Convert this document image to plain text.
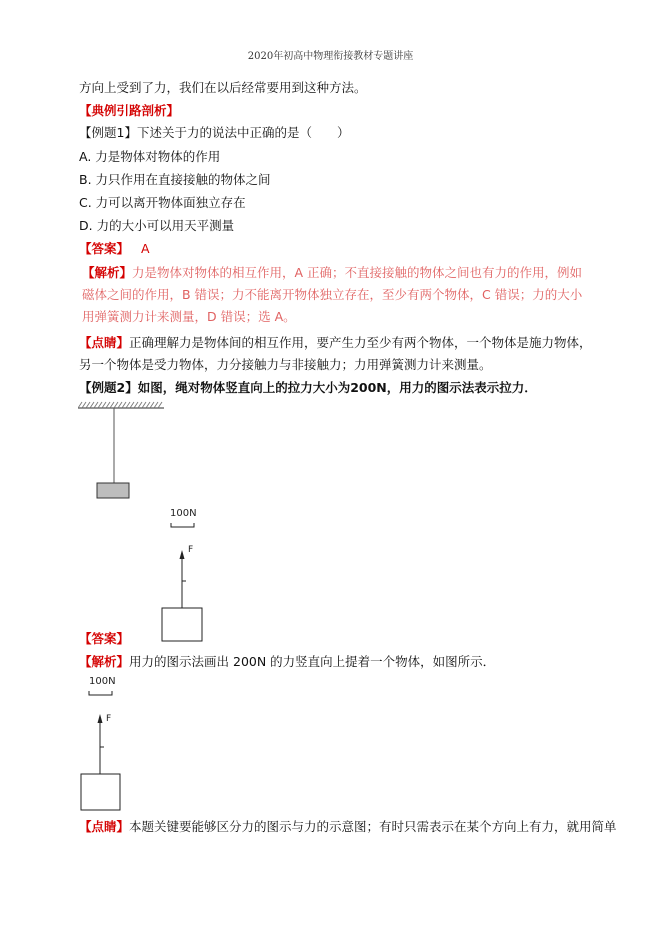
2020年初高中物理衔接教材专题讲座
方向上受到了力，我们在以后经常要用到这种方法。
【典例引路剖析】
【例题1】下述关于力的说法中正确的是（　　）
A. 力是物体对物体的作用
B. 力只作用在直接接触的物体之间
C. 力可以离开物体面独立存在
D. 力的大小可以用天平测量
【答案】 A
【解析】力是物体对物体的相互作用，A 正确；不直接接触的物体之间也有力的作用，例如磁体之间的作用，B 错误；力不能离开物体独立存在，至少有两个物体，C 错误；力的大小用弹簧测力计来测量，D 错误；选 A。
【点睛】正确理解力是物体间的相互作用，要产生力至少有两个物体，一个物体是施力物体，另一个物体是受力物体，力分接触力与非接触力；力用弹簧测力计来测量。
【例题2】如图，绳对物体竖直向上的拉力大小为200N，用力的图示法表示拉力．
100N
F
【答案】
【解析】用力的图示法画出 200N 的力竖直向上提着一个物体，如图所示．
100N
F
【点睛】本题关键要能够区分力的图示与力的示意图；有时只需表示在某个方向上有力，就用简单
